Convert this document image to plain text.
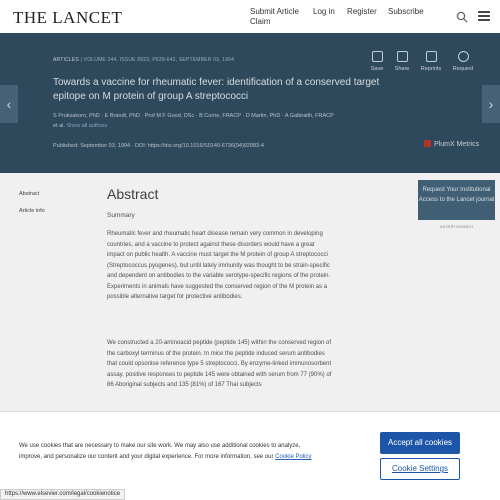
THE LANCET	Submit Article Claim
Log in Register Subscribe
ARTICLES | VOLUME 344, ISSUE 8923, P639-642, SEPTEMBER 03, 1994
Towards a vaccine for rheumatic fever: identification of a conserved target epitope on M protein of group A streptococci
S Pruksakorn, PhD · E Brandt, PhD · Prof M F Good, DSc · B Currie, FRACP · D Martin, PhD · A Galbraith, FRACP
et al. Show all authors
Published: September 03, 1994 · DOI: https://doi.org/10.1016/S0140-6736(94)92083-4	PlumX Metrics
Save	Share	Reprints	Request
‹	›
Abstract
Article info
Abstract
Summary
Rheumatic fever and rheumatic heart disease remain very common in developing countries, and a vaccine to protect against these disorders would have a great impact on public health. A vaccine must target the M protein of group A streptococci (Streptococcus pyogenes), but until lately immunity was thought to be strain-specific and dependent on antibodies to the variable serotype-specific regions of the protein. Experiments in animals have suggested the conserved region of the M protein as a possible alternative target for protective antibodies.
We constructed a 20-aminoacid peptide (peptide 145) within the conserved region of the carboxyl terminus of the protein. In mice the peptide induced serum antibodies that could opsonise reference type 5 streptococci. By enzyme-linked immunosorbent assay, positive responses to peptide 145 were obtained with serum from 77 (90%) of 86 Aboriginal subjects and 135 (81%) of 167 Thai subjects
Request Your Institutional Access to the Lancet journal
ADVERTISEMENT
We use cookies that are necessary to make our site work. We may also use additional cookies to analyze, improve, and personalize our content and your digital experience. For more information, see our Cookie Policy
Accept all cookies
Cookie Settings
https://www.elsevier.com/legal/cookienotice
